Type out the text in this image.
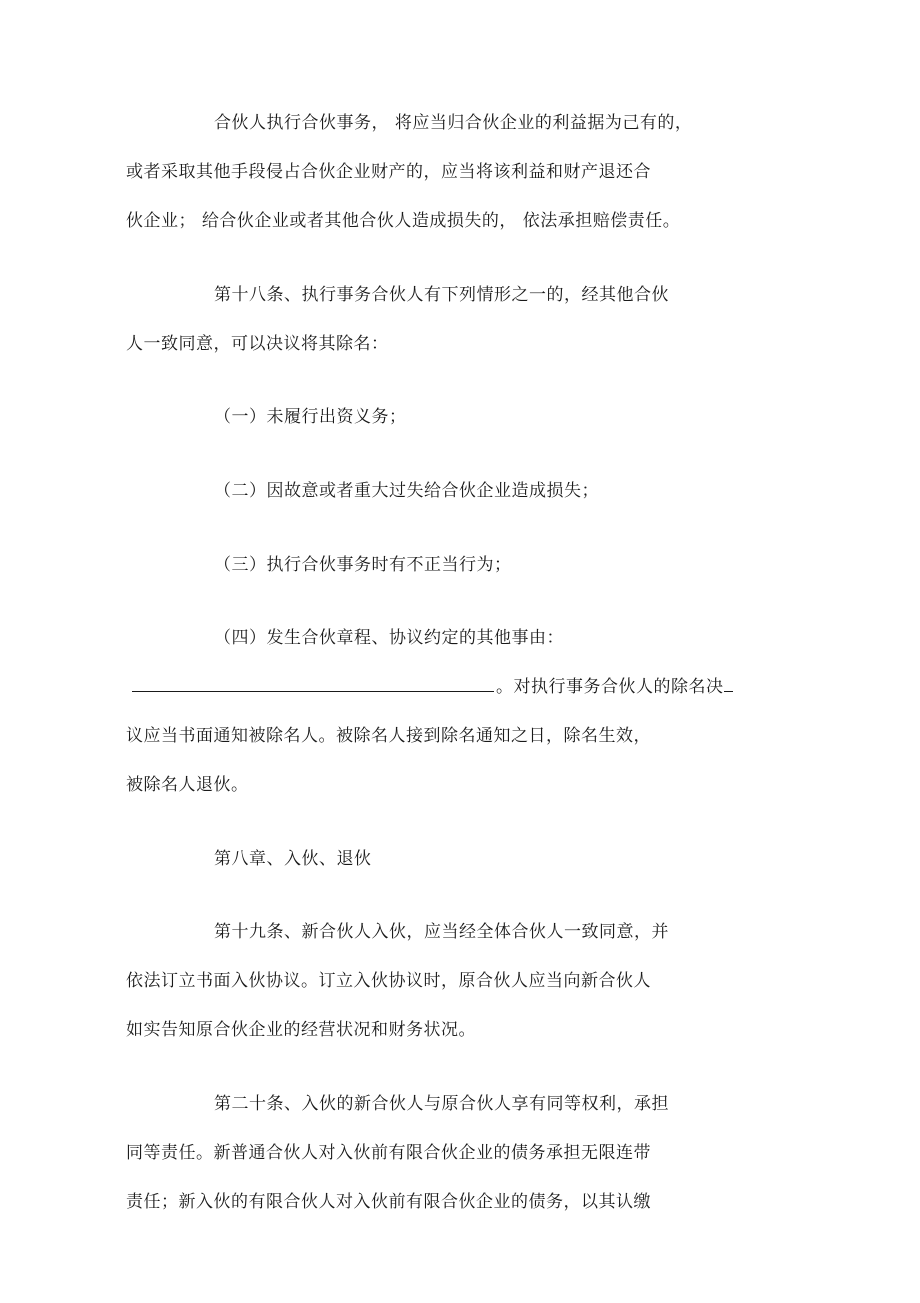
合伙人执行合伙事务， 将应当归合伙企业的利益据为己有的，
或者采取其他手段侵占合伙企业财产的，应当将该利益和财产退还合
伙企业； 给合伙企业或者其他合伙人造成损失的， 依法承担赔偿责任。
第十八条、执行事务合伙人有下列情形之一的，经其他合伙
人一致同意，可以决议将其除名：
（一）未履行出资义务；
（二）因故意或者重大过失给合伙企业造成损失；
（三）执行合伙事务时有不正当行为；
（四）发生合伙章程、协议约定的其他事由：
。对执行事务合伙人的除名决
议应当书面通知被除名人。被除名人接到除名通知之日，除名生效，
被除名人退伙。
第八章、入伙、退伙
第十九条、新合伙人入伙，应当经全体合伙人一致同意，并
依法订立书面入伙协议。订立入伙协议时，原合伙人应当向新合伙人
如实告知原合伙企业的经营状况和财务状况。
第二十条、入伙的新合伙人与原合伙人享有同等权利，承担
同等责任。新普通合伙人对入伙前有限合伙企业的债务承担无限连带
责任；新入伙的有限合伙人对入伙前有限合伙企业的债务，以其认缴
